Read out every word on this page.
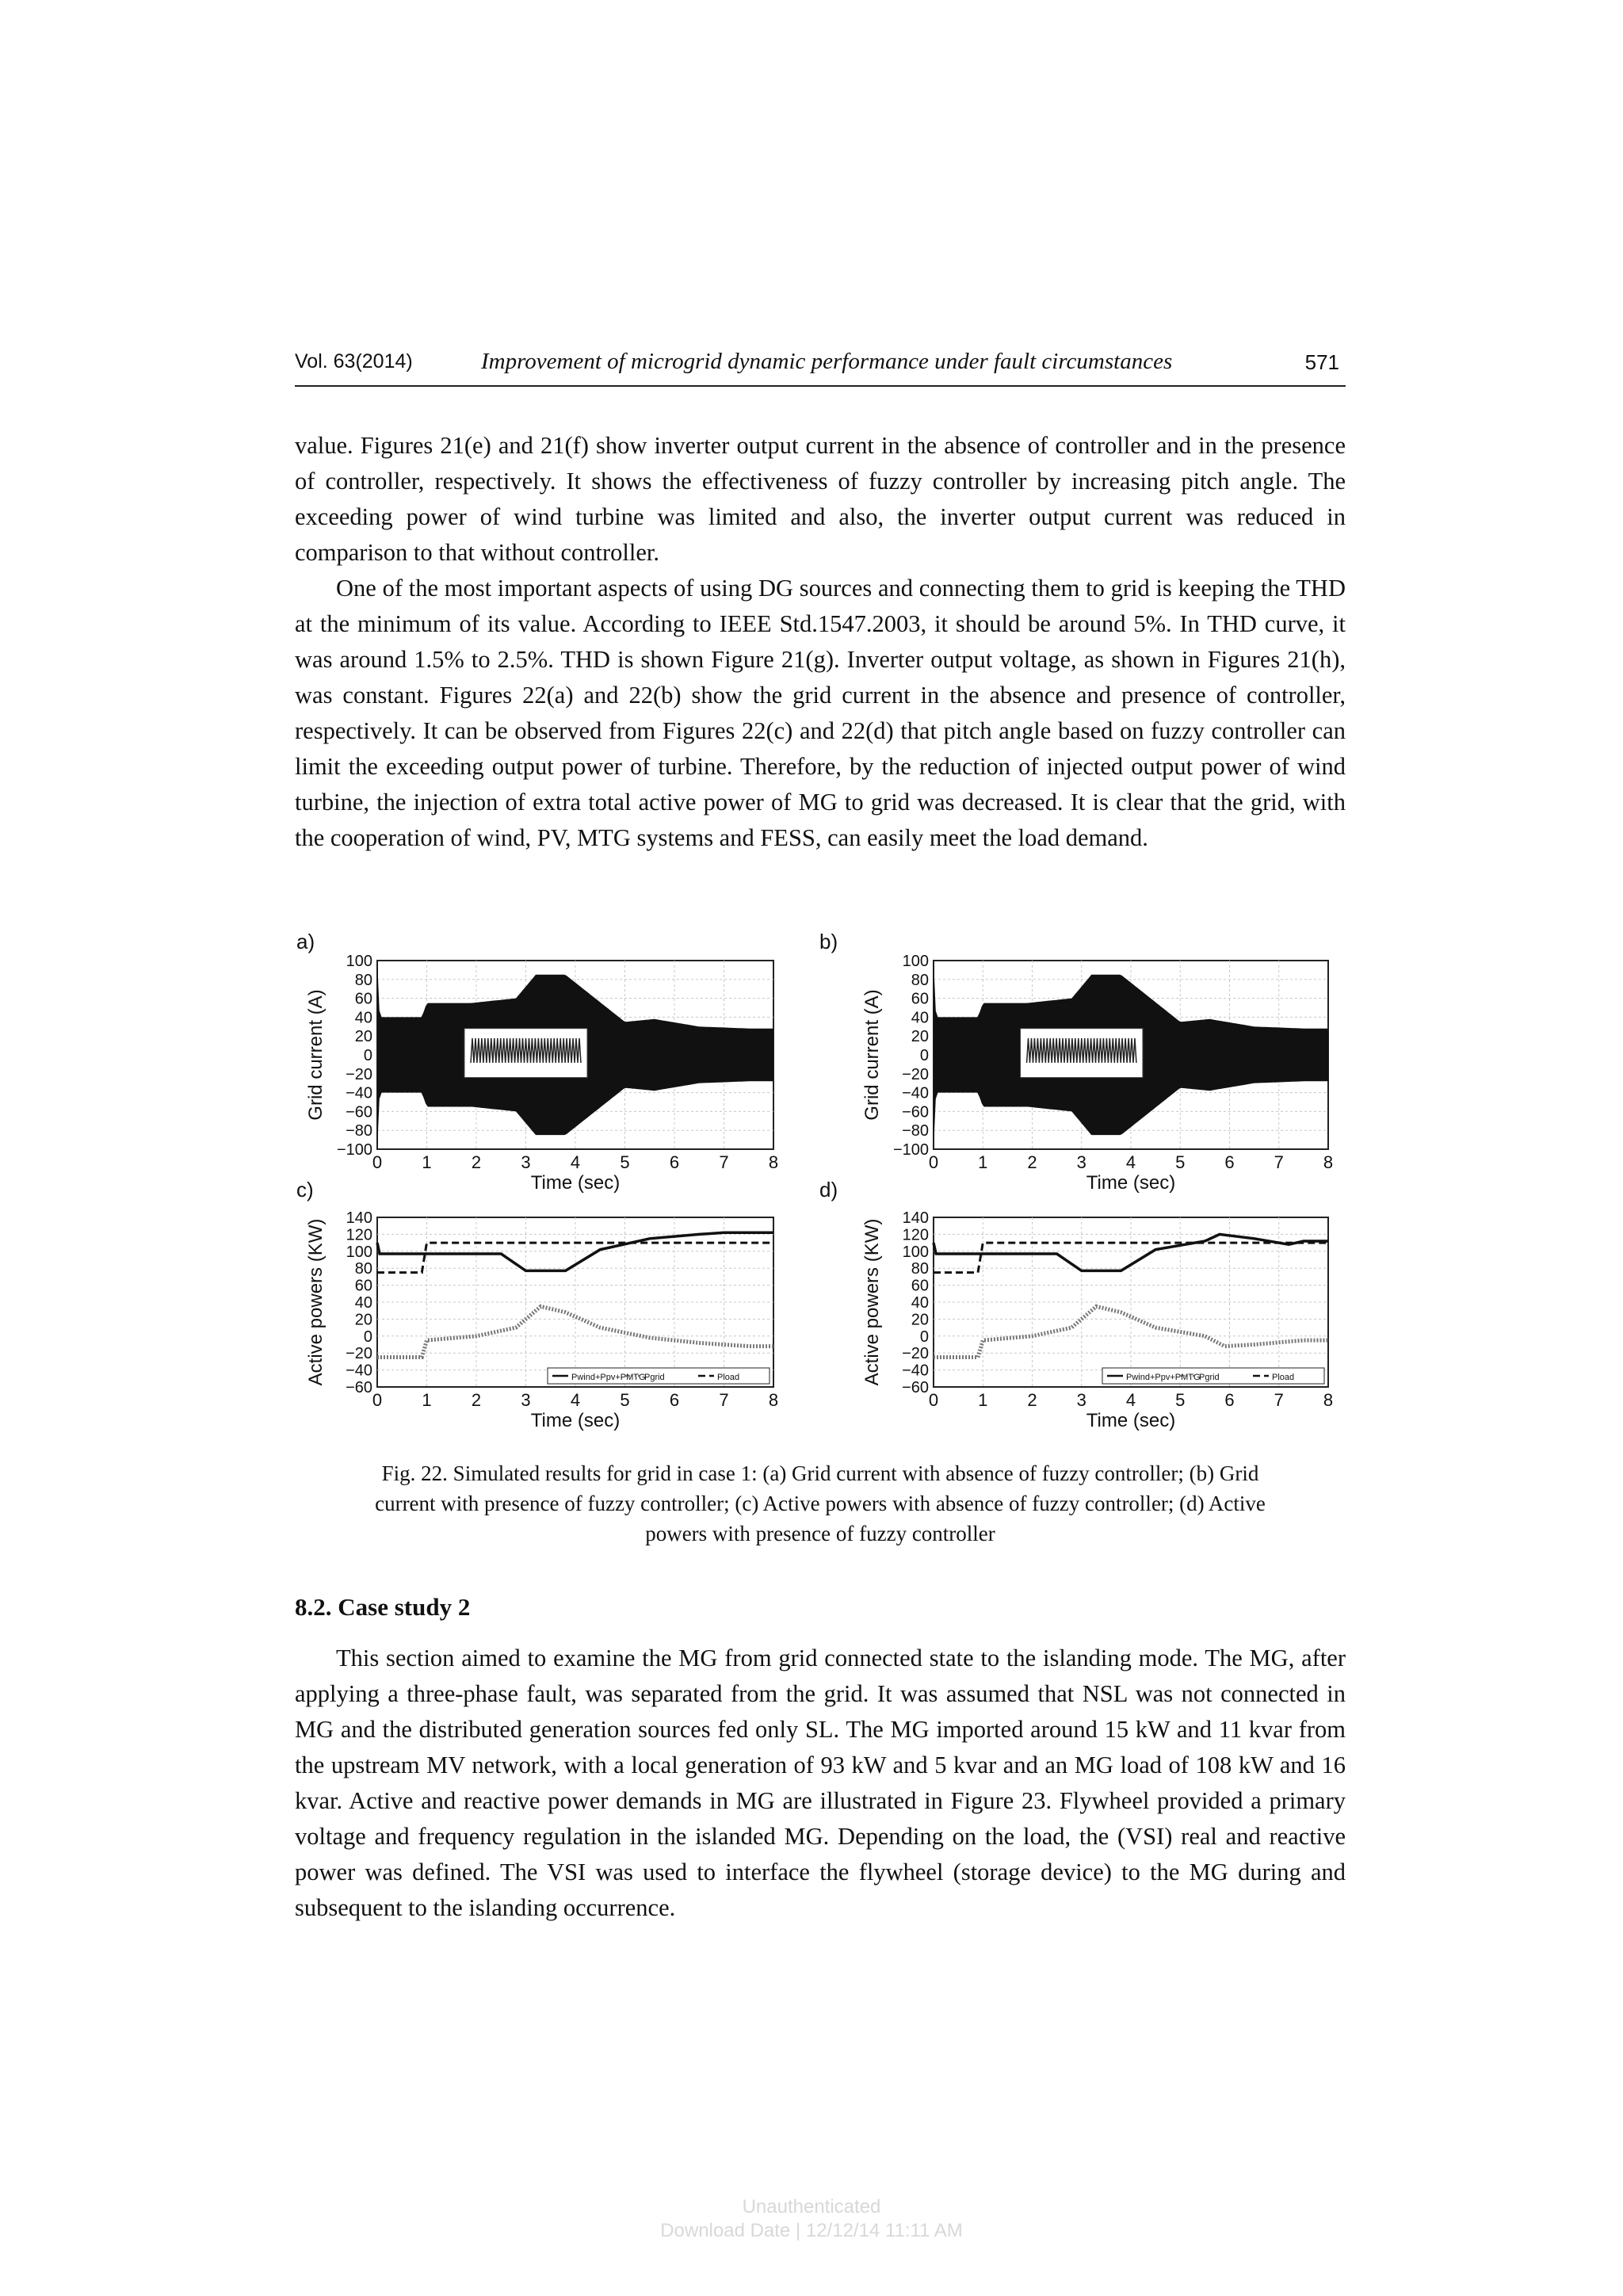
Vol. 63(2014)	Improvement of microgrid dynamic performance under fault circumstances	571

value. Figures 21(e) and 21(f) show inverter output current in the absence of controller and in the presence of controller, respectively. It shows the effectiveness of fuzzy controller by increasing pitch angle. The exceeding power of wind turbine was limited and also, the inverter output current was reduced in comparison to that without controller.

One of the most important aspects of using DG sources and connecting them to grid is keeping the THD at the minimum of its value. According to IEEE Std.1547.2003, it should be around 5%. In THD curve, it was around 1.5% to 2.5%. THD is shown Figure 21(g). Inverter output voltage, as shown in Figures 21(h), was constant. Figures 22(a) and 22(b) show the grid current in the absence and presence of controller, respectively. It can be observed from Figures 22(c) and 22(d) that pitch angle based on fuzzy controller can limit the exceeding output power of turbine. Therefore, by the reduction of injected output power of wind turbine, the injection of extra total active power of MG to grid was decreased. It is clear that the grid, with the cooperation of wind, PV, MTG systems and FESS, can easily meet the load demand.

a)
0 1 2 3 4 5 6 7 8
100
80
60
40
20
0
−20
−40
−60
−80
−100
Time (sec)
Grid current (A)
b)
0 1 2 3 4 5 6 7 8
100
80
60
40
20
0
−20
−40
−60
−80
−100
Time (sec)
Grid current (A)
c)
0 1 2 3 4 5 6 7 8
140
120
100
80
60
40
20
0
−20
−40
−60
Time (sec)
Active powers (KW)	Pwind+Ppv+PMTG
Pgrid	Pload
d)
0 1 2 3 4 5 6 7 8
140
120
100
80
60
40
20
0
−20
−40
−60
Time (sec)
Active powers (KW)	Pwind+Ppv+PMTG
Pgrid	Pload
Fig. 22. Simulated results for grid in case 1: (a) Grid current with absence of fuzzy controller; (b) Grid
current with presence of fuzzy controller; (c) Active powers with absence of fuzzy controller; (d) Active
powers with presence of fuzzy controller
8.2. Case study 2

This section aimed to examine the MG from grid connected state to the islanding mode. The MG, after applying a three-phase fault, was separated from the grid. It was assumed that NSL was not connected in MG and the distributed generation sources fed only SL. The MG imported around 15 kW and 11 kvar from the upstream MV network, with a local generation of 93 kW and 5 kvar and an MG load of 108 kW and 16 kvar. Active and reactive power demands in MG are illustrated in Figure 23. Flywheel provided a primary voltage and frequency regulation in the islanded MG. Depending on the load, the (VSI) real and reactive power was defined. The VSI was used to interface the flywheel (storage device) to the MG during and subsequent to the islanding occurrence.

Unauthenticated
Download Date | 12/12/14 11:11 AM
